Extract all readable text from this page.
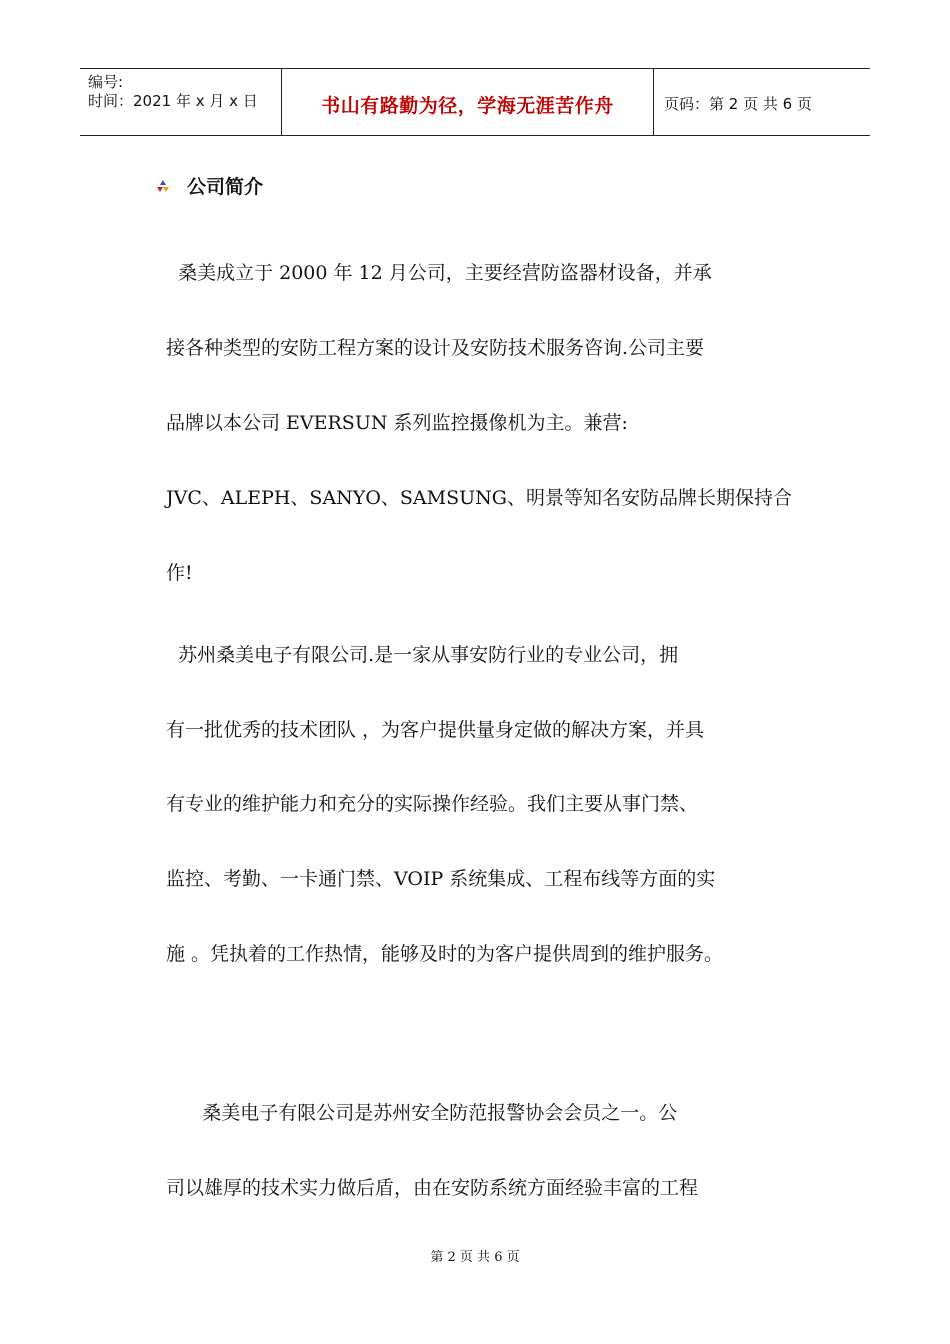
编号:
时间：2021 年 x 月 x 日	书山有路勤为径，学海无涯苦作舟	页码：第 2 页 共 6 页
公司简介
桑美成立于 2000 年 12 月公司，主要经营防盗器材设备，并承
接各种类型的安防工程方案的设计及安防技术服务咨询.公司主要
品牌以本公司 EVERSUN 系列监控摄像机为主。兼营:
JVC、ALEPH、SANYO、SAMSUNG、明景等知名安防品牌长期保持合
作!
苏州桑美电子有限公司.是一家从事安防行业的专业公司，拥
有一批优秀的技术团队 ，为客户提供量身定做的解决方案，并具
有专业的维护能力和充分的实际操作经验。我们主要从事门禁、
监控、考勤、一卡通门禁、VOIP 系统集成、工程布线等方面的实
施 。凭执着的工作热情，能够及时的为客户提供周到的维护服务。
桑美电子有限公司是苏州安全防范报警协会会员之一。公
司以雄厚的技术实力做后盾，由在安防系统方面经验丰富的工程
第 2 页 共 6 页
